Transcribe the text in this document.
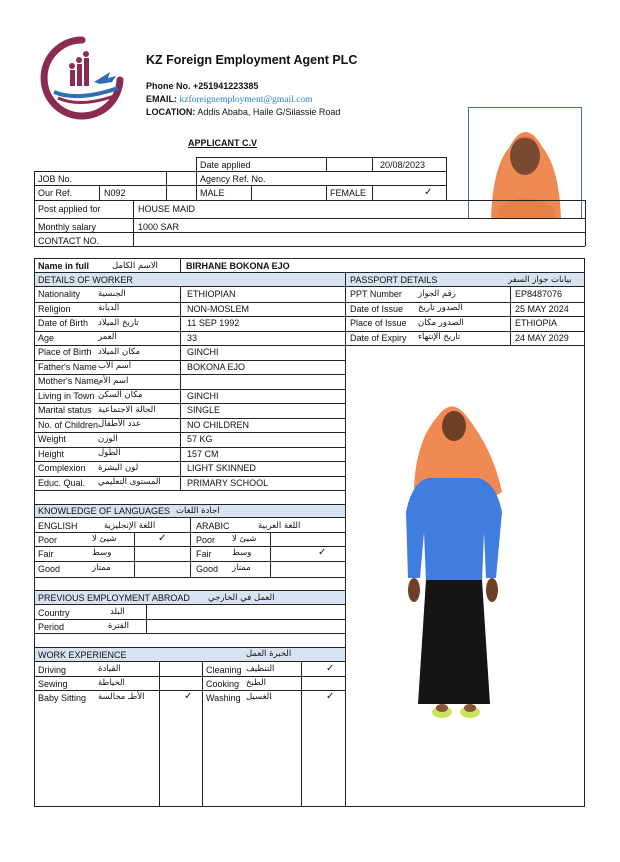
KZ Foreign Employment Agent PLC
Phone No. +251941223385
EMAIL: kzforeignemployment@gmail.com
LOCATION: Addis Ababa, Haile G/Silassie Road
APPLICANT C.V
Date applied	20/08/2023
JOB No.	Agency Ref. No.
Our Ref.	N092	MALE	FEMALE	✓
Post applied for	HOUSE MAID
Monthly salary	1000 SAR
CONTACT NO.
Name in full	الاسم الكامل	BIRHANE BOKONA EJO
DETAILS OF WORKER	PASSPORT DETAILS	بيانات جواز السفر
Nationality الجنسية	ETHIOPIAN
Religion	الديانة	NON-MOSLEM
Date of Birth تاريخ الميلاد	11 SEP 1992
Age	العمر	33
Place of Birth مكان الميلاد	GINCHI
Father's Name اسم الأب	BOKONA EJO
Mother's Name اسم الأم
Living in Town مكان السكن	GINCHI
Marital status الحالة الاجتماعية	SINGLE
No. of Children عدد الأطفال	NO CHILDREN
Weight	الوزن	57 KG
Height	الطول	157 CM
Complexion لون البشرة	LIGHT SKINNED
Educ. Qual. المستوى التعليمي	PRIMARY SCHOOL
PPT Number رقم الجواز	EP8487076
Date of Issue الصدور تاريخ	25 MAY 2024
Place of Issue الصدور مكان	ETHIOPIA
Date of Expiry تاريخ الإنتهاء	24 MAY 2029
KNOWLEDGE OF LANGUAGES اجادة اللغات
ENGLISH	اللغة الإنجليزية	ARABIC	اللغة العربية
Poor	شيئ لا	✓	Poor شيئ لا
Fair	وسط	Fair وسط	✓
Good	ممتاز	Good ممتاز
PREVIOUS EMPLOYMENT ABROAD العمل في الخارجي
Country	البلد
Period	الفترة
WORK EXPERIENCE	الخبرة العمل
Driving	القيادة
Sewing	الخياطة
Baby Sitting الأطـ مجالسة	✓
Cleaning التنظيف	✓
Cooking الطبخ
Washing الغسيل	✓
